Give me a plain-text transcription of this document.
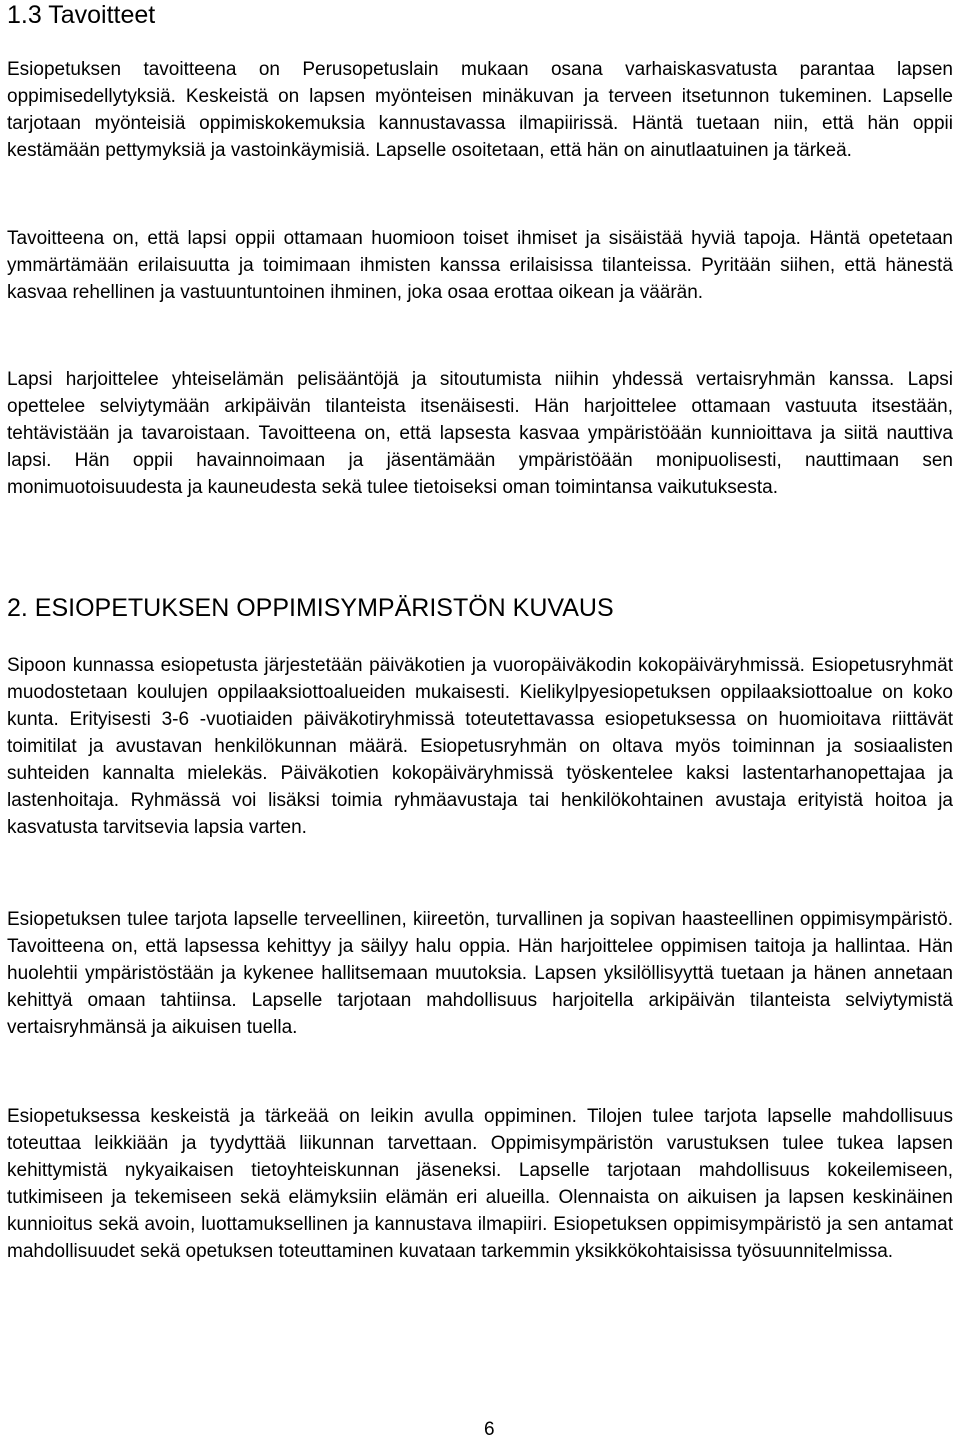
1.3 Tavoitteet

Esiopetuksen tavoitteena on Perusopetuslain mukaan osana varhaiskasvatusta parantaa lapsen oppimisedellytyksiä. Keskeistä on lapsen myönteisen minäkuvan ja terveen itsetunnon tukeminen. Lapselle tarjotaan myönteisiä oppimiskokemuksia kannustavassa ilmapiirissä. Häntä tuetaan niin, että hän oppii kestämään pettymyksiä ja vastoinkäymisiä. Lapselle osoitetaan, että hän on ainutlaatuinen ja tärkeä.

Tavoitteena on, että lapsi oppii ottamaan huomioon toiset ihmiset ja sisäistää hyviä tapoja. Häntä opetetaan ymmärtämään erilaisuutta ja toimimaan ihmisten kanssa erilaisissa tilanteissa. Pyritään siihen, että hänestä kasvaa rehellinen ja vastuuntuntoinen ihminen, joka osaa erottaa oikean ja väärän.

Lapsi harjoittelee yhteiselämän pelisääntöjä ja sitoutumista niihin yhdessä vertaisryhmän kanssa. Lapsi opettelee selviytymään arkipäivän tilanteista itsenäisesti. Hän harjoittelee ottamaan vastuuta itsestään, tehtävistään ja tavaroistaan. Tavoitteena on, että lapsesta kasvaa ympäristöään kunnioittava ja siitä nauttiva lapsi. Hän oppii havainnoimaan ja jäsentämään ympäristöään monipuolisesti, nauttimaan sen monimuotoisuudesta ja kauneudesta sekä tulee tietoiseksi oman toimintansa vaikutuksesta.

2. ESIOPETUKSEN OPPIMISYMPÄRISTÖN KUVAUS

Sipoon kunnassa esiopetusta järjestetään päiväkotien ja vuoropäiväkodin kokopäiväryhmissä. Esiopetusryhmät muodostetaan koulujen oppilaaksiottoalueiden mukaisesti. Kielikylpyesiopetuksen oppilaaksiottoalue on koko kunta. Erityisesti 3-6 -vuotiaiden päiväkotiryhmissä toteutettavassa esiopetuksessa on huomioitava riittävät toimitilat ja avustavan henkilökunnan määrä. Esiopetusryhmän on oltava myös toiminnan ja sosiaalisten suhteiden kannalta mielekäs. Päiväkotien kokopäiväryhmissä työskentelee kaksi lastentarhanopettajaa ja lastenhoitaja. Ryhmässä voi lisäksi toimia ryhmäavustaja tai henkilökohtainen avustaja erityistä hoitoa ja kasvatusta tarvitsevia lapsia varten.

Esiopetuksen tulee tarjota lapselle terveellinen, kiireetön, turvallinen ja sopivan haasteellinen oppimisympäristö. Tavoitteena on, että lapsessa kehittyy ja säilyy halu oppia. Hän harjoittelee oppimisen taitoja ja hallintaa. Hän huolehtii ympäristöstään ja kykenee hallitsemaan muutoksia. Lapsen yksilöllisyyttä tuetaan ja hänen annetaan kehittyä omaan tahtiinsa. Lapselle tarjotaan mahdollisuus harjoitella arkipäivän tilanteista selviytymistä vertaisryhmänsä ja aikuisen tuella.

Esiopetuksessa keskeistä ja tärkeää on leikin avulla oppiminen. Tilojen tulee tarjota lapselle mahdollisuus toteuttaa leikkiään ja tyydyttää liikunnan tarvettaan. Oppimisympäristön varustuksen tulee tukea lapsen kehittymistä nykyaikaisen tietoyhteiskunnan jäseneksi. Lapselle tarjotaan mahdollisuus kokeilemiseen, tutkimiseen ja tekemiseen sekä elämyksiin elämän eri alueilla. Olennaista on aikuisen ja lapsen keskinäinen kunnioitus sekä avoin, luottamuksellinen ja kannustava ilmapiiri. Esiopetuksen oppimisympäristö ja sen antamat mahdollisuudet sekä opetuksen toteuttaminen kuvataan tarkemmin yksikkökohtaisissa työsuunnitelmissa.

6
